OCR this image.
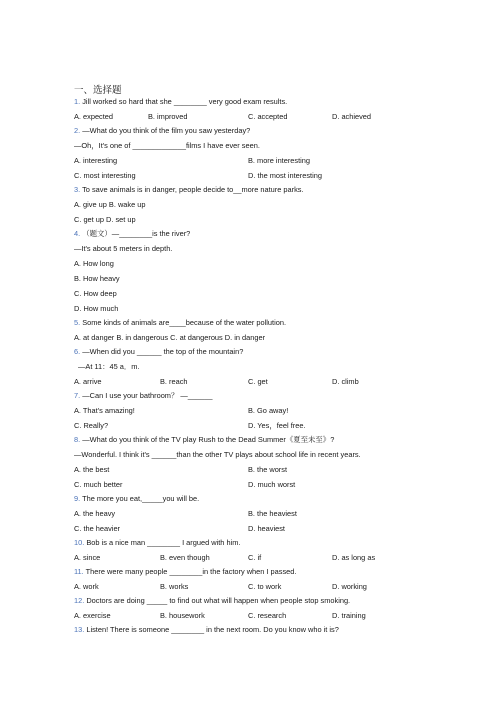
一、选择题
1. Jill worked so hard that she ________ very good exam results.
A. expected	B. improved	C. accepted	D. achieved
2. —What do you think of the film you saw yesterday?
—Oh，It's one of _____________films I have ever seen.
A. interesting	B. more interesting
C. most interesting	D. the most interesting
3. To save animals is in danger, people decide to__more nature parks.
A. give up B. wake up
C. get up D. set up
4. （题文）—________is the river?
—It's about 5 meters in depth.
A. How long
B. How heavy
C. How deep
D. How much
5. Some kinds of animals are____because of the water pollution.
A. at danger B. in dangerous C. at dangerous D. in danger
6. —When did you ______ the top of the mountain?
—At 11：45 a．m.
A. arrive	B. reach	C. get	D. climb
7. —Can I use your bathroom？ —______
A. That's amazing!	B. Go away!
C. Really?	D. Yes，feel free.
8. —What do you think of the TV play Rush to the Dead Summer《夏至未至》?
—Wonderful. I think it's ______than the other TV plays about school life in recent years.
A. the best	B. the worst
C. much better	D. much worst
9. The more you eat,_____you will be.
A. the heavy	B. the heaviest
C. the heavier	D. heaviest
10. Bob is a nice man ________ I argued with him.
A. since	B. even though	C. if	D. as long as
11. There were many people ________in the factory when I passed.
A. work	B. works	C. to work	D. working
12. Doctors are doing _____ to find out what will happen when people stop smoking.
A. exercise	B. housework	C. research	D. training
13. Listen! There is someone ________ in the next room. Do you know who it is?
